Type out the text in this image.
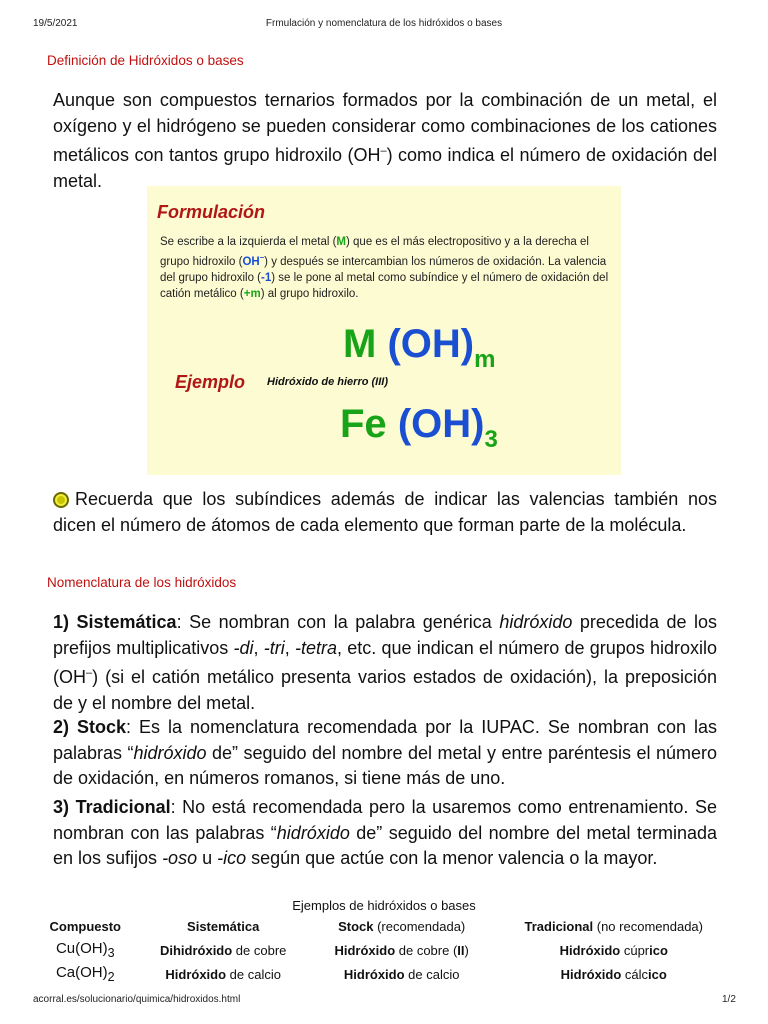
19/5/2021	Frmulación y nomenclatura de los hidróxidos o bases
Definición de Hidróxidos o bases

Aunque son compuestos ternarios formados por la combinación de un metal, el oxígeno y el hidrógeno se pueden considerar como combinaciones de los cationes metálicos con tantos grupo hidroxilo (OH–) como indica el número de oxidación del metal.

Formulación
Se escribe a la izquierda el metal (M) que es el más electropositivo y a la derecha el grupo hidroxilo (OH–) y después se intercambian los números de oxidación. La valencia del grupo hidroxilo (-1) se le pone al metal como subíndice y el número de oxidación del catión metálico (+m) al grupo hidroxilo.
M $(OH)_m$
Ejemplo Hidróxido de hierro (III)
Fe $(OH)_3$

Recuerda que los subíndices además de indicar las valencias también nos dicen el número de átomos de cada elemento que forman parte de la molécula.

Nomenclatura de los hidróxidos

1) Sistemática: Se nombran con la palabra genérica hidróxido precedida de los prefijos multiplicativos -di, -tri, -tetra, etc. que indican el número de grupos hidroxilo (OH–) (si el catión metálico presenta varios estados de oxidación), la preposición de y el nombre del metal.

2) Stock: Es la nomenclatura recomendada por la IUPAC. Se nombran con las palabras “hidróxido de” seguido del nombre del metal y entre paréntesis el número de oxidación, en números romanos, si tiene más de uno.

3) Tradicional: No está recomendada pero la usaremos como entrenamiento. Se nombran con las palabras “hidróxido de” seguido del nombre del metal terminada en los sufijos -oso u -ico según que actúe con la menor valencia o la mayor.

Ejemplos de hidróxidos o bases
Compuesto	Sistemática	Stock (recomendada)	Tradicional (no recomendada)
$Cu(OH)_3$	Dihidróxido de cobre	Hidróxido de cobre (II)	Hidróxido cúprico
$Ca(OH)_2$	Hidróxido de calcio	Hidróxido de calcio	Hidróxido cálcico
acorral.es/solucionario/quimica/hidroxidos.html	1/2
